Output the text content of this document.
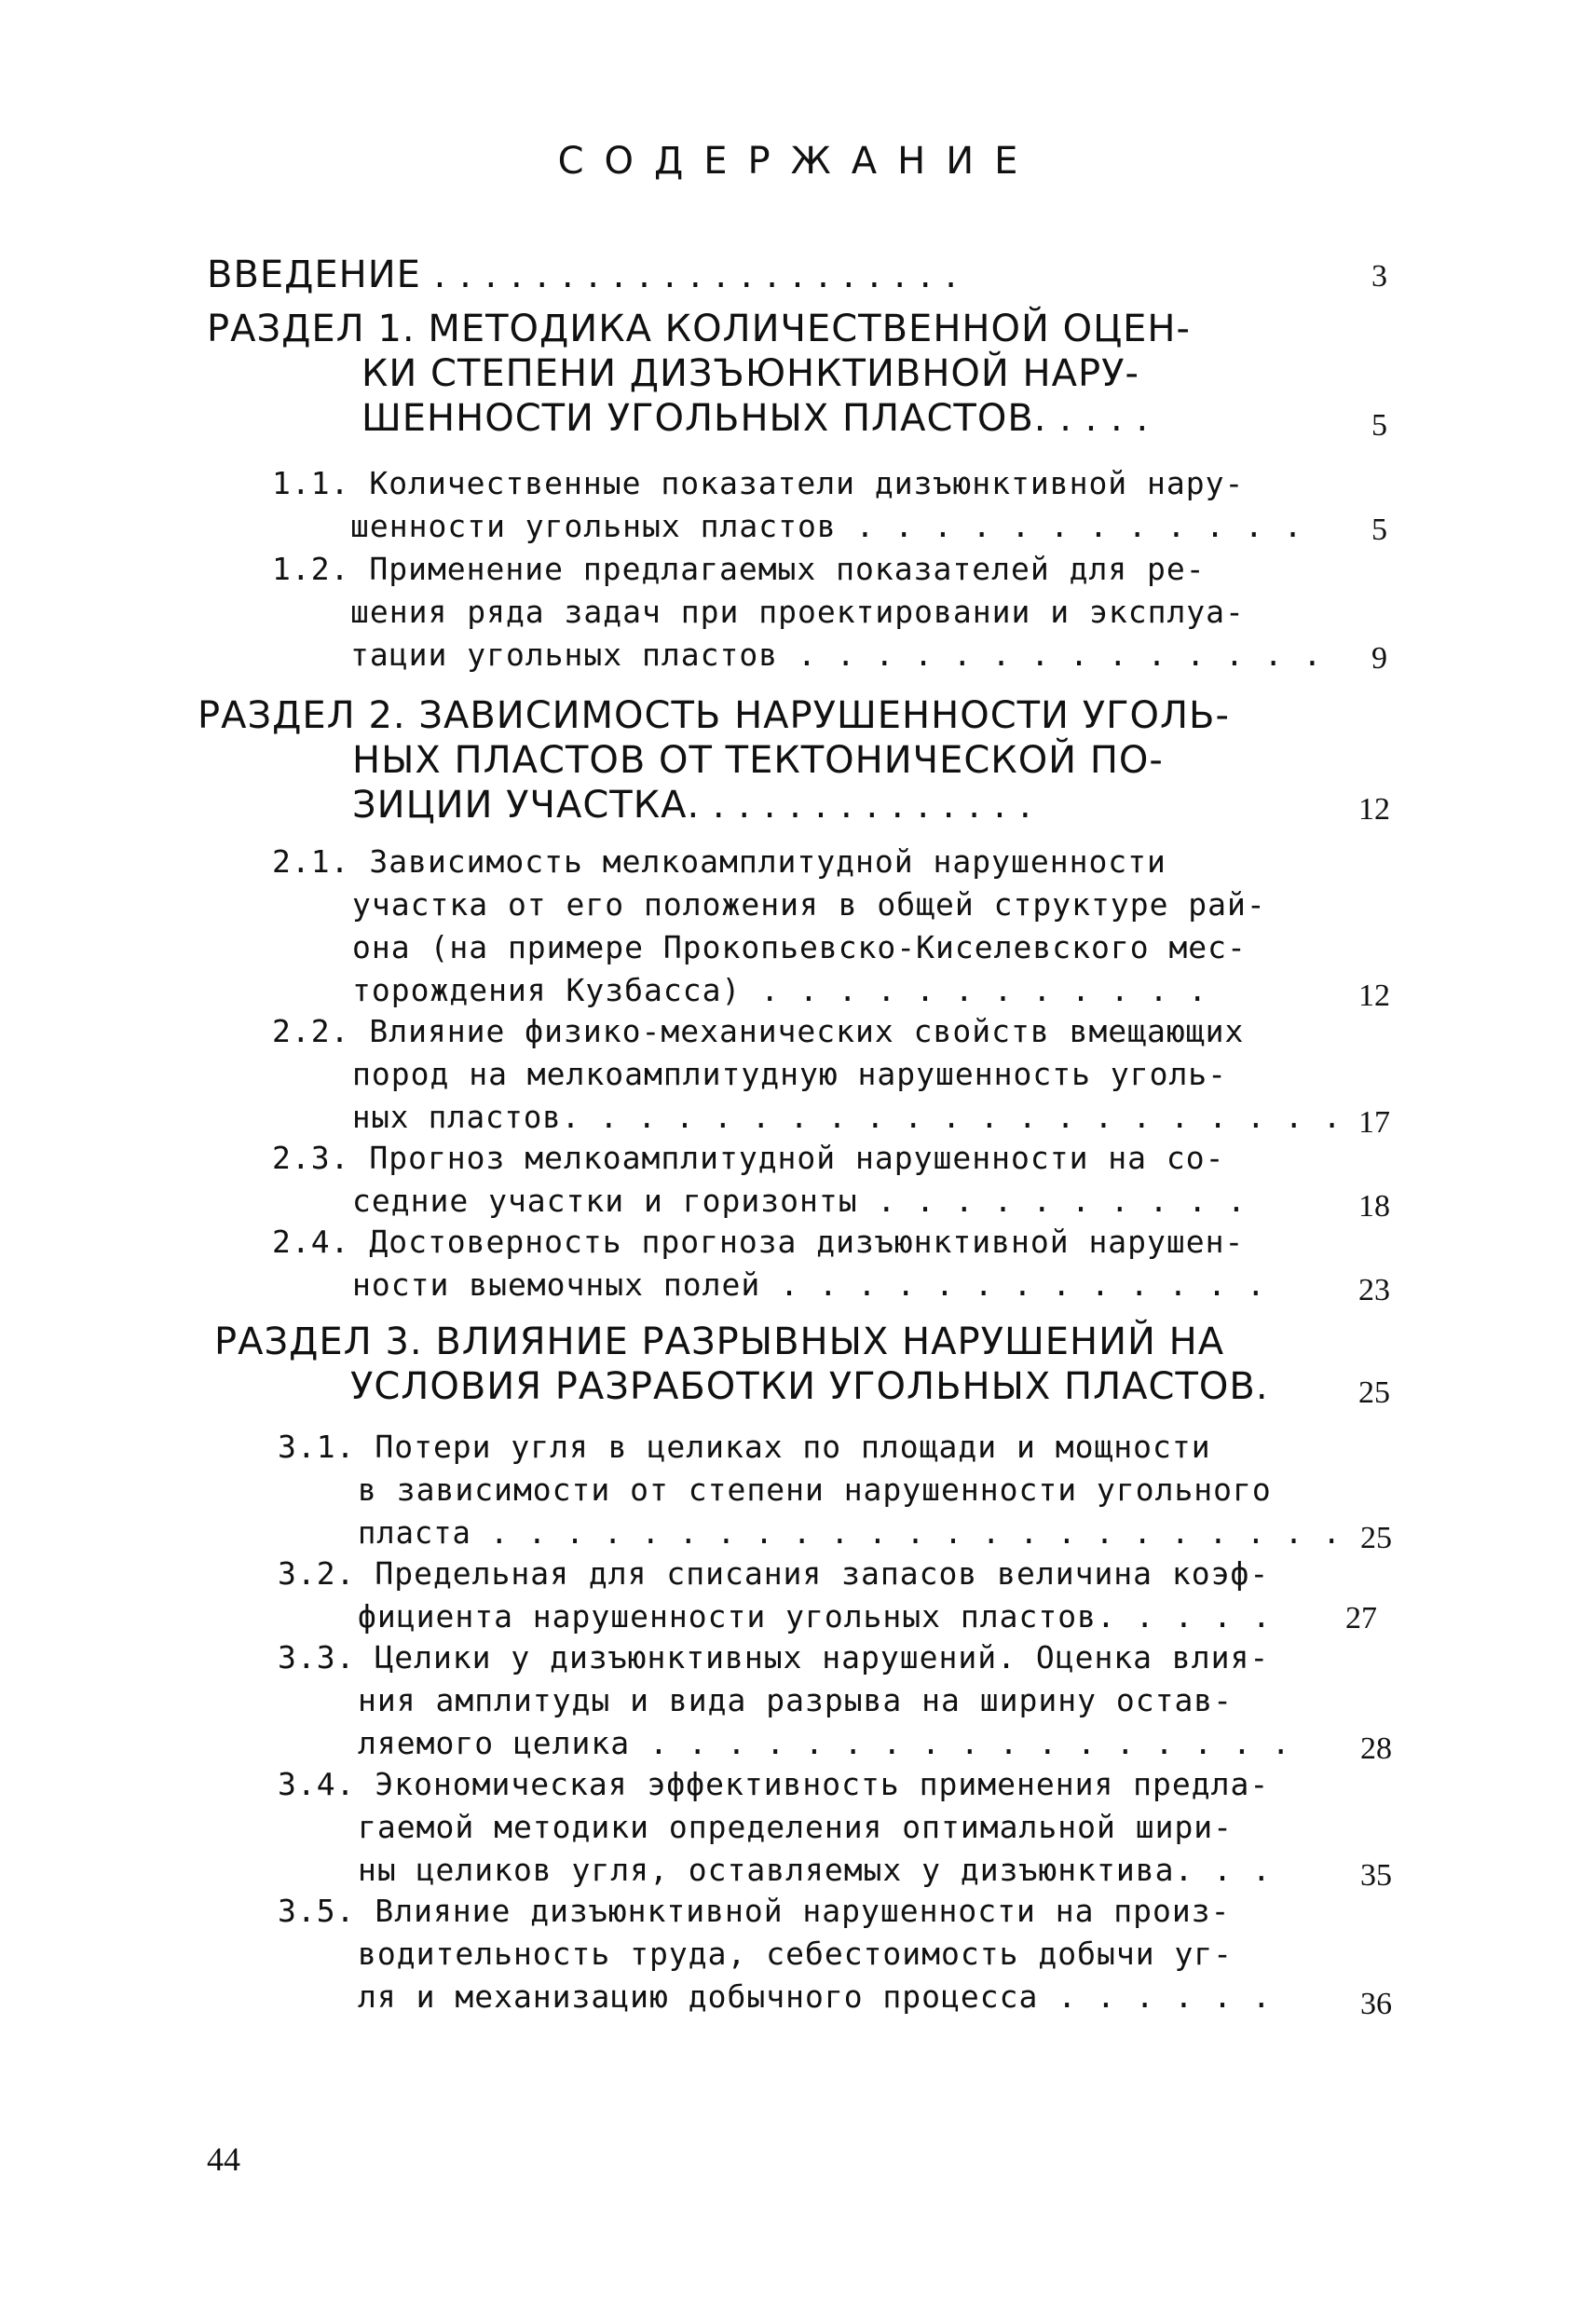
СОДЕРЖАНИЕ
ВВЕДЕНИЕ . . . . . . . . . . . . . . . . . . . . .	3
РАЗДЕЛ 1. МЕТОДИКА КОЛИЧЕСТВЕННОЙ ОЦЕН-
КИ СТЕПЕНИ ДИЗЪЮНКТИВНОЙ НАРУ-
ШЕННОСТИ УГОЛЬНЫХ ПЛАСТОВ. . . . .	5
1.1. Количественные показатели дизъюнктивной нару-
шенности угольных пластов . . . . . . . . . . . . 5
1.2. Применение предлагаемых показателей для ре-
шения ряда задач при проектировании и эксплуа-
тации угольных пластов . . . . . . . . . . . . . . 9
РАЗДЕЛ 2. ЗАВИСИМОСТЬ НАРУШЕННОСТИ УГОЛЬ-
НЫХ ПЛАСТОВ ОТ ТЕКТОНИЧЕСКОЙ ПО-
ЗИЦИИ УЧАСТКА. . . . . . . . . . . . . .	12
2.1. Зависимость мелкоамплитудной нарушенности
участка от его положения в общей структуре рай-
она (на примере Прокопьевско-Киселевского мес-
торождения Кузбасса) . . . . . . . . . . . .	12
2.2. Влияние физико-механических свойств вмещающих
пород на мелкоамплитудную нарушенность уголь-
ных пластов. . . . . . . . . . . . . . . . . . . . . 17
2.3. Прогноз мелкоамплитудной нарушенности на со-
седние участки и горизонты . . . . . . . . . .	18
2.4. Достоверность прогноза дизъюнктивной нарушен-
ности выемочных полей . . . . . . . . . . . . .	23
РАЗДЕЛ 3. ВЛИЯНИЕ РАЗРЫВНЫХ НАРУШЕНИЙ НА
УСЛОВИЯ РАЗРАБОТКИ УГОЛЬНЫХ ПЛАСТОВ.	25
3.1. Потери угля в целиках по площади и мощности
в зависимости от степени нарушенности угольного
пласта . . . . . . . . . . . . . . . . . . . . . . . 25
3.2. Предельная для списания запасов величина коэф-
фициента нарушенности угольных пластов. . . . . 27
3.3. Целики у дизъюнктивных нарушений. Оценка влия-
ния амплитуды и вида разрыва на ширину остав-
ляемого целика . . . . . . . . . . . . . . . . . 28
3.4. Экономическая эффективность применения предла-
гаемой методики определения оптимальной шири-
ны целиков угля, оставляемых у дизъюнктива. . .	35
3.5. Влияние дизъюнктивной нарушенности на произ-
водительность труда, себестоимость добычи уг-
ля и механизацию добычного процесса . . . . . .	36
44
